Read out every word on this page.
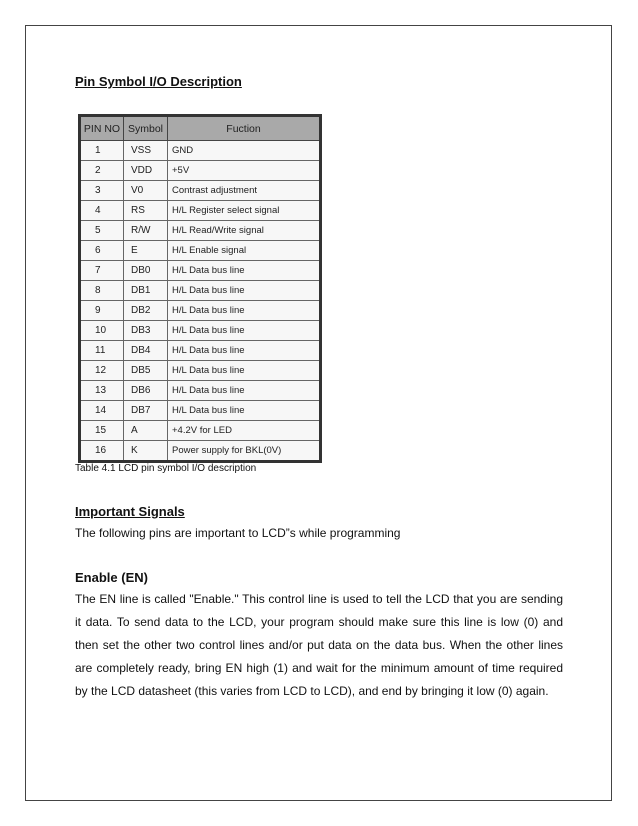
Pin Symbol I/O Description
PIN NO	Symbol	Fuction
1	VSS	GND
2	VDD	+5V
3	V0	Contrast adjustment
4	RS	H/L Register select signal
5	R/W	H/L Read/Write signal
6	E	H/L Enable signal
7	DB0	H/L Data bus line
8	DB1	H/L Data bus line
9	DB2	H/L Data bus line
10	DB3	H/L Data bus line
11	DB4	H/L Data bus line
12	DB5	H/L Data bus line
13	DB6	H/L Data bus line
14	DB7	H/L Data bus line
15	A	+4.2V for LED
16	K	Power supply for BKL(0V)
Table 4.1 LCD pin symbol I/O description
Important Signals
The following pins are important to LCD”s while programming
Enable (EN)
The EN line is called "Enable." This control line is used to tell the LCD that you are sending it data. To send data to the LCD, your program should make sure this line is low (0) and then set the other two control lines and/or put data on the data bus. When the other lines are completely ready, bring EN high (1) and wait for the minimum amount of time required by the LCD datasheet (this varies from LCD to LCD), and end by bringing it low (0) again.
